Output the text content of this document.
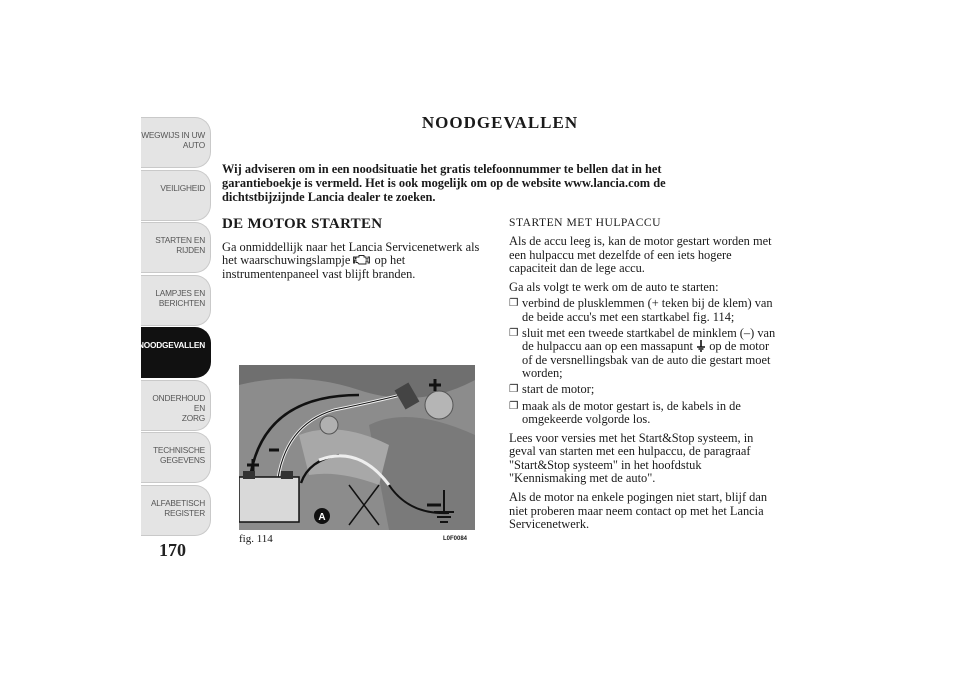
WEGWIJS IN UW
AUTO
VEILIGHEID
STARTEN EN
RIJDEN
LAMPJES EN
BERICHTEN
NOODGEVALLEN
ONDERHOUD EN
ZORG
TECHNISCHE
GEGEVENS
ALFABETISCH
REGISTER
170
NOODGEVALLEN
Wij adviseren om in een noodsituatie het gratis telefoonnummer te bellen dat in het garantieboekje is vermeld. Het is ook mogelijk om op de website www.lancia.com de dichtstbijzijnde Lancia dealer te zoeken.
DE MOTOR STARTEN
Ga onmiddellijk naar het Lancia Servicenetwerk als het waarschuwingslampje  op het instrumentenpaneel vast blijft branden.
A
fig. 114	L0F0084
STARTEN MET HULPACCU

Als de accu leeg is, kan de motor gestart worden met een hulpaccu met dezelfde of een iets hogere capaciteit dan de lege accu.

Ga als volgt te werk om de auto te starten:

❐ verbind de plusklemmen (+ teken bij de klem) van de beide accu's met een startkabel fig. 114;
❐ sluit met een tweede startkabel de minklem (–) van de hulpaccu aan op een massapunt  op de motor of de versnellingsbak van de auto die gestart moet worden;
❐ start de motor;
❐ maak als de motor gestart is, de kabels in de omgekeerde volgorde los.

Lees voor versies met het Start&Stop systeem, in geval van starten met een hulpaccu, de paragraaf "Start&Stop systeem" in het hoofdstuk "Kennismaking met de auto".

Als de motor na enkele pogingen niet start, blijf dan niet proberen maar neem contact op met het Lancia Servicenetwerk.
